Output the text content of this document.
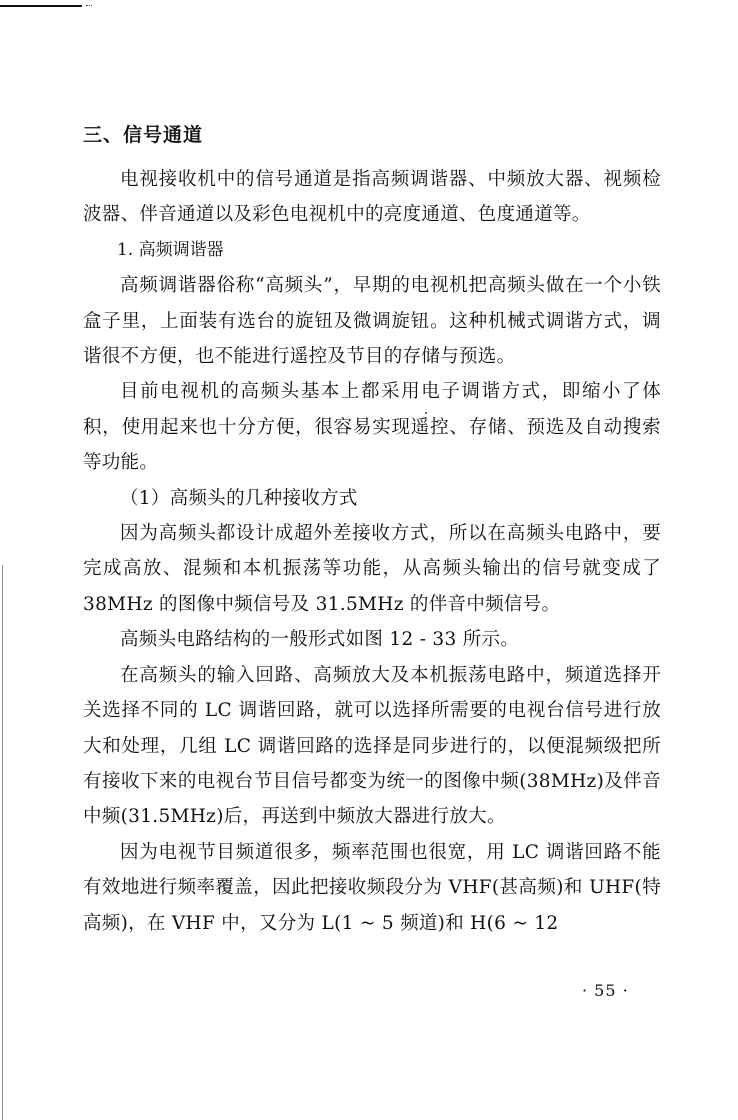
三、信号通道

电视接收机中的信号通道是指高频调谐器、中频放大器、视频检波器、伴音通道以及彩色电视机中的亮度通道、色度通道等。

1. 高频调谐器

高频调谐器俗称“高频头”，早期的电视机把高频头做在一个小铁盒子里，上面装有选台的旋钮及微调旋钮。这种机械式调谐方式，调谐很不方便，也不能进行遥控及节目的存储与预选。

目前电视机的高频头基本上都采用电子调谐方式，即缩小了体积，使用起来也十分方便，很容易实现遥控、存储、预选及自动搜索等功能。

（1）高频头的几种接收方式

因为高频头都设计成超外差接收方式，所以在高频头电路中，要完成高放、混频和本机振荡等功能，从高频头输出的信号就变成了 38MHz 的图像中频信号及 31.5MHz 的伴音中频信号。

高频头电路结构的一般形式如图 12 - 33 所示。

在高频头的输入回路、高频放大及本机振荡电路中，频道选择开关选择不同的 LC 调谐回路，就可以选择所需要的电视台信号进行放大和处理，几组 LC 调谐回路的选择是同步进行的，以便混频级把所有接收下来的电视台节目信号都变为统一的图像中频(38MHz)及伴音中频(31.5MHz)后，再送到中频放大器进行放大。

因为电视节目频道很多，频率范围也很宽，用 LC 调谐回路不能有效地进行频率覆盖，因此把接收频段分为 VHF(甚高频)和 UHF(特高频)，在 VHF 中，又分为 L(1 ~ 5 频道)和 H(6 ~ 12

· 55 ·
